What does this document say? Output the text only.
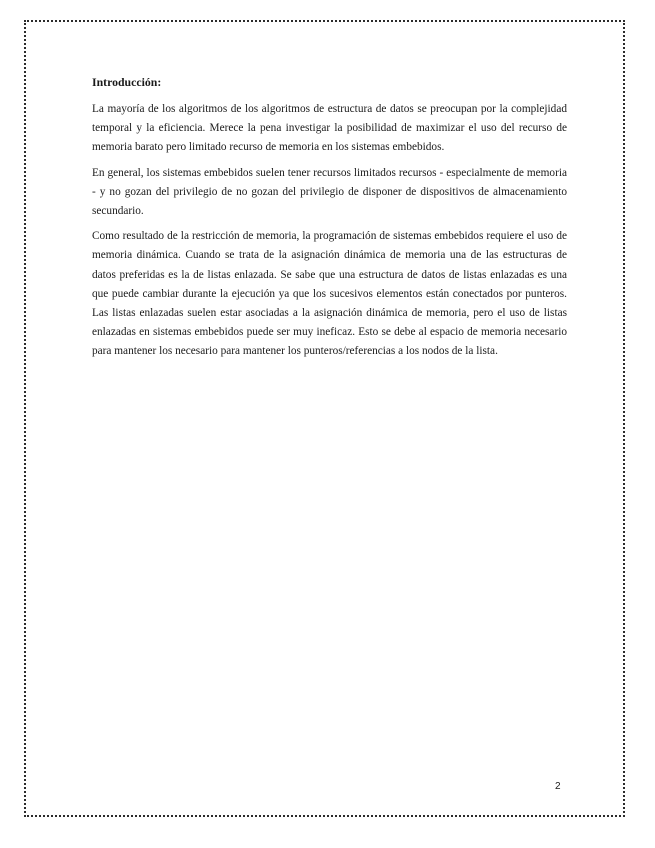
Introducción:

La mayoría de los algoritmos de los algoritmos de estructura de datos se preocupan por la complejidad temporal y la eficiencia. Merece la pena investigar la posibilidad de maximizar el uso del recurso de memoria barato pero limitado recurso de memoria en los sistemas embebidos.

En general, los sistemas embebidos suelen tener recursos limitados recursos - especialmente de memoria - y no gozan del privilegio de no gozan del privilegio de disponer de dispositivos de almacenamiento secundario.

Como resultado de la restricción de memoria, la programación de sistemas embebidos requiere el uso de memoria dinámica. Cuando se trata de la asignación dinámica de memoria una de las estructuras de datos preferidas es la de listas enlazada. Se sabe que una estructura de datos de listas enlazadas es una que puede cambiar durante la ejecución ya que los sucesivos elementos están conectados por punteros. Las listas enlazadas suelen estar asociadas a la asignación dinámica de memoria, pero el uso de listas enlazadas en sistemas embebidos puede ser muy ineficaz. Esto se debe al espacio de memoria necesario para mantener los necesario para mantener los punteros/referencias a los nodos de la lista.

2
